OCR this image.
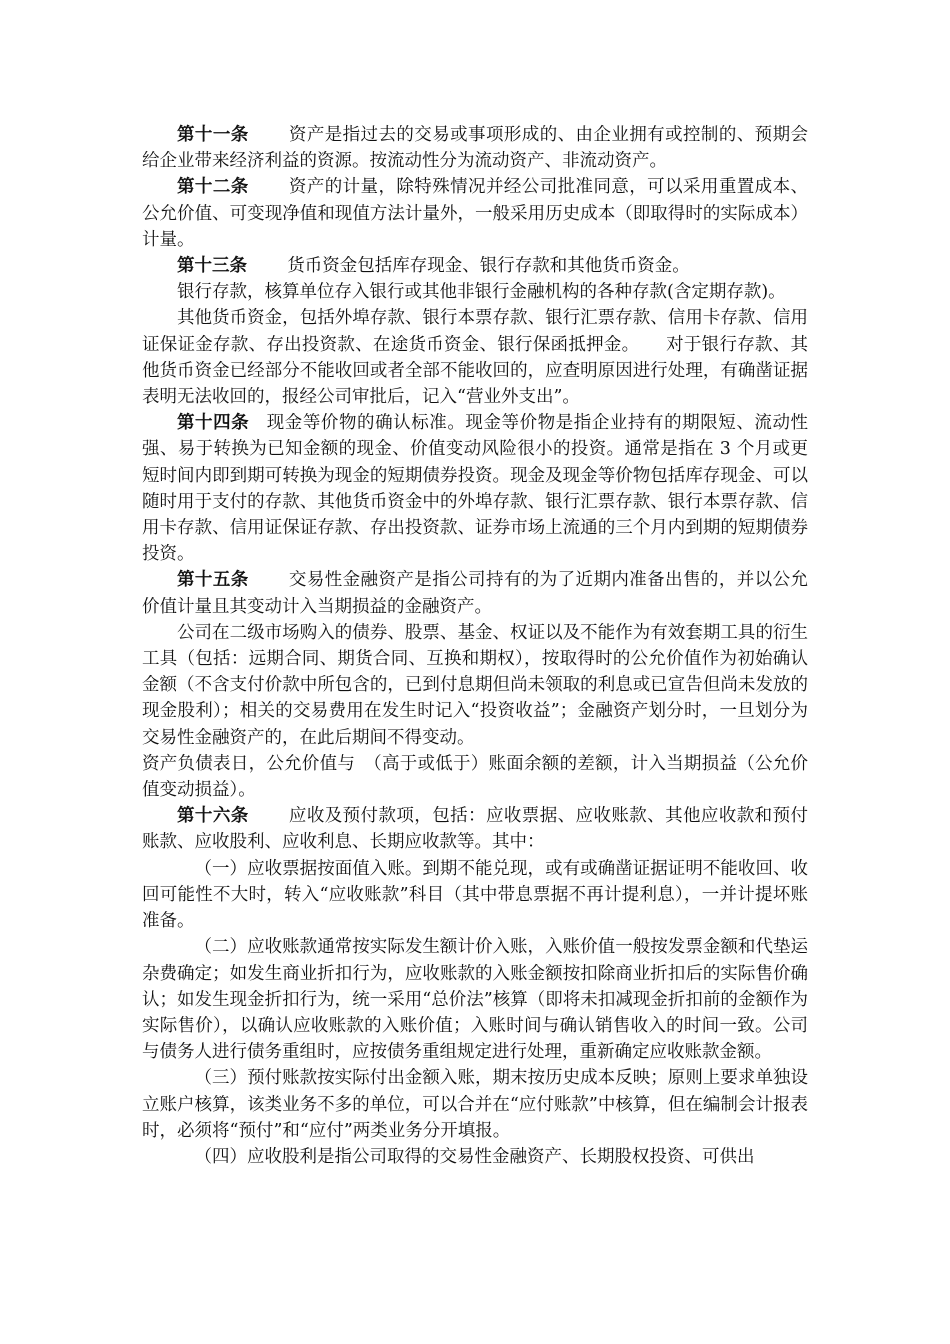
第十一条 资产是指过去的交易或事项形成的、由企业拥有或控制的、预期会给企业带来经济利益的资源。按流动性分为流动资产、非流动资产。

第十二条 资产的计量，除特殊情况并经公司批准同意，可以采用重置成本、公允价值、可变现净值和现值方法计量外，一般采用历史成本（即取得时的实际成本）计量。

第十三条 货币资金包括库存现金、银行存款和其他货币资金。

银行存款，核算单位存入银行或其他非银行金融机构的各种存款(含定期存款)。

其他货币资金，包括外埠存款、银行本票存款、银行汇票存款、信用卡存款、信用证保证金存款、存出投资款、在途货币资金、银行保函抵押金。　　对于银行存款、其他货币资金已经部分不能收回或者全部不能收回的，应查明原因进行处理，有确凿证据表明无法收回的，报经公司审批后，记入“营业外支出”。

第十四条 现金等价物的确认标准。现金等价物是指企业持有的期限短、流动性强、易于转换为已知金额的现金、价值变动风险很小的投资。通常是指在 3 个月或更短时间内即到期可转换为现金的短期债券投资。现金及现金等价物包括库存现金、可以随时用于支付的存款、其他货币资金中的外埠存款、银行汇票存款、银行本票存款、信用卡存款、信用证保证存款、存出投资款、证券市场上流通的三个月内到期的短期债券投资。

第十五条 交易性金融资产是指公司持有的为了近期内准备出售的，并以公允价值计量且其变动计入当期损益的金融资产。

公司在二级市场购入的债券、股票、基金、权证以及不能作为有效套期工具的衍生工具（包括：远期合同、期货合同、互换和期权），按取得时的公允价值作为初始确认金额（不含支付价款中所包含的，已到付息期但尚未领取的利息或已宣告但尚未发放的现金股利）；相关的交易费用在发生时记入“投资收益”；金融资产划分时，一旦划分为交易性金融资产的，在此后期间不得变动。

资产负债表日，公允价值与　（高于或低于）账面余额的差额，计入当期损益（公允价值变动损益）。

第十六条 应收及预付款项，包括：应收票据、应收账款、其他应收款和预付账款、应收股利、应收利息、长期应收款等。其中：

（一）应收票据按面值入账。到期不能兑现，或有或确凿证据证明不能收回、收回可能性不大时，转入“应收账款”科目（其中带息票据不再计提利息），一并计提坏账准备。

（二）应收账款通常按实际发生额计价入账，入账价值一般按发票金额和代垫运杂费确定；如发生商业折扣行为，应收账款的入账金额按扣除商业折扣后的实际售价确认；如发生现金折扣行为，统一采用“总价法”核算（即将未扣减现金折扣前的金额作为实际售价），以确认应收账款的入账价值；入账时间与确认销售收入的时间一致。公司与债务人进行债务重组时，应按债务重组规定进行处理，重新确定应收账款金额。

（三）预付账款按实际付出金额入账，期末按历史成本反映；原则上要求单独设立账户核算，该类业务不多的单位，可以合并在“应付账款”中核算，但在编制会计报表时，必须将“预付”和“应付”两类业务分开填报。

（四）应收股利是指公司取得的交易性金融资产、长期股权投资、可供出
